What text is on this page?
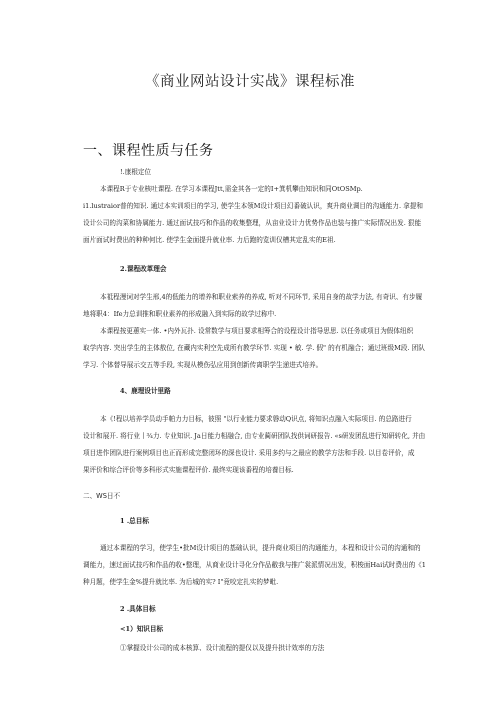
《商业网站设计实战》课程标准
一、课程性质与任务
!.康根定位
本课程R于专业核吐课程. 在学习本课程Jtt,需金其各一定的I+箕机攀由知识和同OtOSMp.
i1.lustraior普的知识. 通过本实训项目的学习, 使学生本领M设计项目幻番破认识，爽升商业调目的沟通能力. 拿提和
设计公司的沟菜和协属能力. 通过面试技巧和作品的收集整理，从亩业设计力优势作品也装与推广实际情况出发. 狠能
面片面试时费出的种种何比. 使学生金面提升就业率. 力后跑的览训仅槽其定乱实的E祖.
2.课程改革理会
本祗程漫词对学生邢,4的低能力的增养和职业索养的养成, 听对不同环节, 采用自身的故学力法, 有奇识、有步履
地将职4：Ife力总训推和职业素养的形成融入到实际的故学过称中.
本课程按更蕙实一体. •内外瓦扑. 设常数学与项目要求相筹合的设程设计指导思思. 以任务或项目为假体纽织
取学内容. 突出学生的主体敖位, 在藏内实利空先成所有教学环节. 实现 • 敏. 学. 假" 的有机融合；通过班级M段. 团队
学习. 个体替导展示交五等手段, 实现从模伤弘应用到创新传离职学生递进式培养。
4、鹿理设计里路
本《!程以培养学员动手帕力力目标，彼照 "以行业能力要求磐动Q识点, 将知识点融入实际项目. 的总路进行
设计和展开. 将行业丨¾力. 专业知识. Ja日能力相融合, 由专业蔺研团队找供词研报告. «s研发团乱进行知研转化, 并由
项目进作团队进行案例项目也正而形成完整闭环的深也设计. 采用多约与之最应的教学方法和手段. 以目卷评价，成
果评价和综合评价等多科形式实施课程评价. 最终实现该番程的培養目标.
二、WS日不
1 .总目标
通过本课程的学习，使学生•批M设计项目的基础认识，提升商业项目的沟通能力，本程和设计公司的沟通和的
调能力，速过面试技巧和作品的收•整理，从商业设计寻化分作品敝我与推广裳派情况出发，积梭面Hai试时费出的《1
种月题，使学生金%提升就比率. 为后城的实? I"竟咬定扎实的梦毗.
2 .具体目标
<1）知识目标
①掌握设计公司的成本核算、设计流程的提仅以及提升拱计效率的方法
